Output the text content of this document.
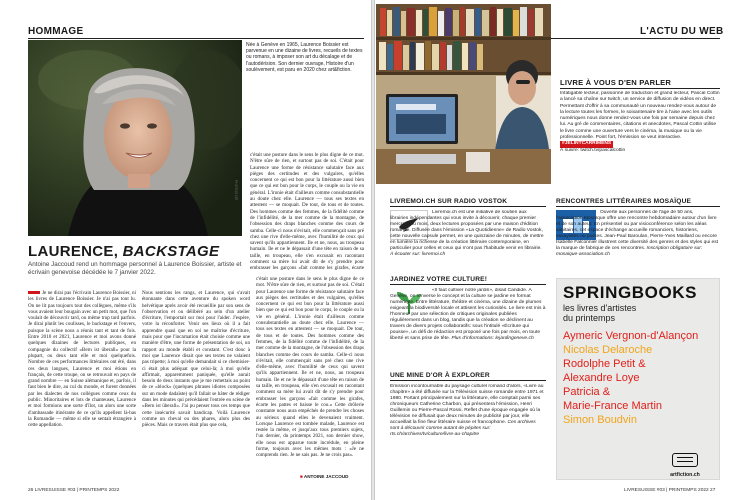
HOMMAGE
Née à Genève en 1965, Laurence Boissier est parvenue en une dizaine de livres, recueils de textes ou romans, à imposer son art du décalage et de l'autodérision. Son dernier ouvrage, Histoire d'un soulèvement, est paru en 2020 chez art&fiction.
PHOTOS DR
LAURENCE, BACKSTAGE
Antoine Jaccoud rend un hommage personnel à Laurence Boissier, artiste et écrivain genevoise décédée le 7 janvier 2022.
c'était une posture dans le sens le plus digne de ce mot. N'être sûre de rien, et surtout pas de soi. C'était pour Laurence une forme de résistance salutaire face aux pièges des certitudes et des vulgaires, qu'elles concernent ce qui est bon pour la littérature aussi bien que ce qui est bon pour le corps, le couple ou la vie en général. L'ironie était d'ailleurs comme consubstantielle au doute chez elle. Laurence — tous ses textes en attestent — se moquait. De tout, de tous et de toutes. Des hommes comme des femmes, de la fidélité comme de l'infidélité, de la mer comme de la montagne, de l'obsession des draps blanches comme des cours de samba. Celle-ci nous n'évitait, elle commençait sans pré chez une rive d'elle-même, avec l'humilité de ceux qui savent qu'ils appartiennent. Ile et ne, nous, au troupeau humain. Ile et ne le dépassait d'une tête en raison de sa taille, en troupeau, elle s'en excusait en racontant comment sa mère lui avait dit de s'y prendre pour embrasser les garçons «fait comme les girafes, écarte
Je ne dirai pas l'écrivain Laurence Boissier, ni les livres de Laurence Boissier. Je n'ai pas tout lu. On ne lit pas toujours tout des collègues, même s'ils vous avaient leur bougain avec un petit mot, que l'on voulait de découvrir tard, ou même trop tard parfois. Je dirai plutôt les coulisses, le backstage et l'envers, puisque la scène nous a réunis tant et tant de fois. Entre 2010 et 2021, Laurence et moi avons donné quelques dizaines de lectures publiques, en compagnie du collectif «Bern ist überall» pour la plupart, ou deux tant elle et moi quelquefois. Nombre de ces performances littéraires ont été, dans ces deux langues, Laurence et moi étions en français, de cette troupe, on se retrouvait en pays de grand nombre — en Suisse alémanique et, parfois, il faut bien le dire, au cul du monde, et furent données par les dialectes de nos collègues comme ceux du public. Minoritaires et lots de chanteuses, Laurence et moi formions une sorte d'îlot, un alors une sorte d'ambassade itinérante de ce qu'ils appellent là-bas la Romandie — même si elle se sentait étrangère à cette appellation.
Nous sentions les rangs, et Laurence, qui s'avait étonnante dans cette aventure du spoken word helvétique après avoir été recueillie par son sens de l'observation et ou délibéré au sein d'un atelier d'écriture, l'emportait sur moi pour l'aider. J'espère, votre la réconforter. Venir ses lieux où il a fait apprendre quasi que en soi ne maîtrise d'écriture, mais pour que l'incarnation était choisie comme une manière d'être, une forme de présentation de soi, un rapport au monde établi et constant. C'est donc à moi que Laurence disait que ses textes ne valaient pas tripette; à moi qu'elle demandait si ce chemisier-ci était plus adéquat que celui-là; à moi qu'elle affirmait, apparemment paniquée, qu'elle aurait besoin de deux instants que je me remettais au point de ce «block» (quelques phrases idiotes composées sur un mode dadaïste) qu'il fallait se hâter de rédiger dans les minutes qui précédaient l'entrée en scène de «Bern ist überall». J'ai pu penser tous ces temps que cette insécurité savait handicap. Voilà Laurence comme un cheval ou des phares, alors plus des pièces. Mais ce travers était plus que cela,
c'était une posture dans le sens le plus digne de ce mot. N'être sûre de rien, et surtout pas de soi. C'était pour Laurence une forme de résistance salutaire face aux pièges des certitudes et des vulgaires, qu'elles concernent ce qui est bon pour la littérature aussi bien que ce qui est bon pour le corps, le couple ou la vie en général. L'ironie était d'ailleurs comme consubstantielle au doute chez elle. Laurence — tous ses textes en attestent — se moquait. De tout, de tous et de toutes. Des hommes comme des femmes, de la fidélité comme de l'infidélité, de la mer comme de la montagne, de l'obsession des draps blanches comme des cours de samba. Celle-ci nous n'évitait, elle commençait sans pré chez une rive d'elle-même, avec l'humilité de ceux qui savent qu'ils appartiennent. Ile et ne, nous, au troupeau humain. Ile et ne le dépassait d'une tête en raison de sa taille, en troupeau, elle s'en excusait en racontant comment sa mère lui avait dit de s'y prendre pour embrasser les garçons «fait comme les girafes, écarte les pattes et baisse le cou.» Cette drôlerie constante nous aura empêchés de prendre les choses au sérieux quand elles le devenaient vraiment. Lorsque Laurence est tombée malade, Laurence est restée la même, et jusqu'aux tous premiers sujets, l'un dernier, du printemps 2021, son dernier show, elle nous est apparue toute incrédule, en pleine forme, toujours avec les mêmes mots : «Je ne comprends rien. Je ne sais pas. Je ne crois pas».
■ ANTOINE JACCOUD
26 LIVRESUISSE #03 | PRINTEMPS 2022
L'ACTU DU WEB
LIVRE À VOUS D'EN PARLER
Infatigable lecteur, passionné de traduction et grand lecteur, Pascal Cottin a lancé sa chaîne sur twitch, un service de diffusion de vidéos en direct. Permettant d'offrir à sa communauté un nouveau rendez-vous autour de la lecture toutes les formes, le soixantenaire tire à l'aise avec les outils numériques nous donne rendez-vous une fois par semaine depuis chez lui. Au gré de commentaires, citations et anecdotes, Pascal Cottin utilise le livre comme une ouverture vers le cinéma, la musique ou la vie professionnelle. Point fort, l'émission se veut interactive. #JELINTCARRIMENS
À suivre: twitch.tv/pascalcottin
LIVREMOI.CH SUR RADIO VOSTOK
Livremoi.ch est une initiative de soutien aux librairies indépendantes qui vous invite à découvrir, chaque premier mercredi du mois, deux lectures proposées par une maison d'édition romande. Diffusée dans l'émission «La Quotidienne» de Radio Vostok, cette nouvelle capsule permet, en une quinzaine de minutes, de mettre en lumière la richesse de la création littéraire contemporaine, en particulier pour celles et ceux qui n'ont pas l'habitude venir en librairie. À écouter sur: livremoi.ch
JARDINEZ VOTRE CULTURE!
«Il faut cultiver notre jardin», disait Candide. À Genève, on renverse le concept et la culture se jardine en format numérique. Entre littérature, théâtre et cinéma, une dizaine de plumes exigeant la biodiversité locale et attisent les curiosités. Le livre est mis à l'honneur par une sélection de critiques originales publiées régulièrement dans un blog, tandis que la création se déclinent au travers de divers projets collaboratifs: sous l'intitulé «Écriture qui pousse», un défi de rédaction est proposé une fois par mois, en toute liberté et sans prise de tête. Plus d'informations: lejardingeneve.ch
UNE MINE D'OR À EXPLORER
Émission incontournable du paysage culturel romand d'alors, «Livre au chapitre» a été diffusée sur la Télévision suisse romande entre 1971 et 1980. Portant principalement sur la littérature, elle comptait parmi ses chroniqueurs Catherine Charbon, qui présentera l'émission, Henri Guillemin ou Pierre-Pascal Rossi. Reflet d'une époque engagée où la télévision ne diffusait que deux minutes de publicité par jour, elle accueillait la fine fleur littéraire suisse et francophone. Ces archives sont à découvrir comme autant de pépites sur: rts.ch/archives/tv/culture/livre-au-chapitre
RENCONTRES LITTÉRAIRES MOSAÏQUE
Ouverte aux personnes de l'âge de 50 ans, l'association Mosaïque offre une rencontre hebdomadaire autour d'un livre et de son auteur. En présentiel ou par visioconférence selon les aléas sanitaires, cet espace d'échange accueille romanciers, historiens, essayistes ou poètes. Jean-Paul Baroulan, Pierre-Yves Maillard ou encore Isabelle Falconnier illustrent cette diversité des genres et des styles qui est la marque de fabrique de ces rencontres. Inscription obligatoire sur: mosaique-association.ch
SPRINGBOOKS
les livres d'artistes
du printemps
Aymeric Vergnon-d'Alançon
Nicolas Delaroche
Rodolphe Petit &
Alexandre Loye
Patricia &
Marie-France Martin
Simon Boudvin
artfiction.ch
LIVRESUISSE #03 | PRINTEMPS 2022 27
